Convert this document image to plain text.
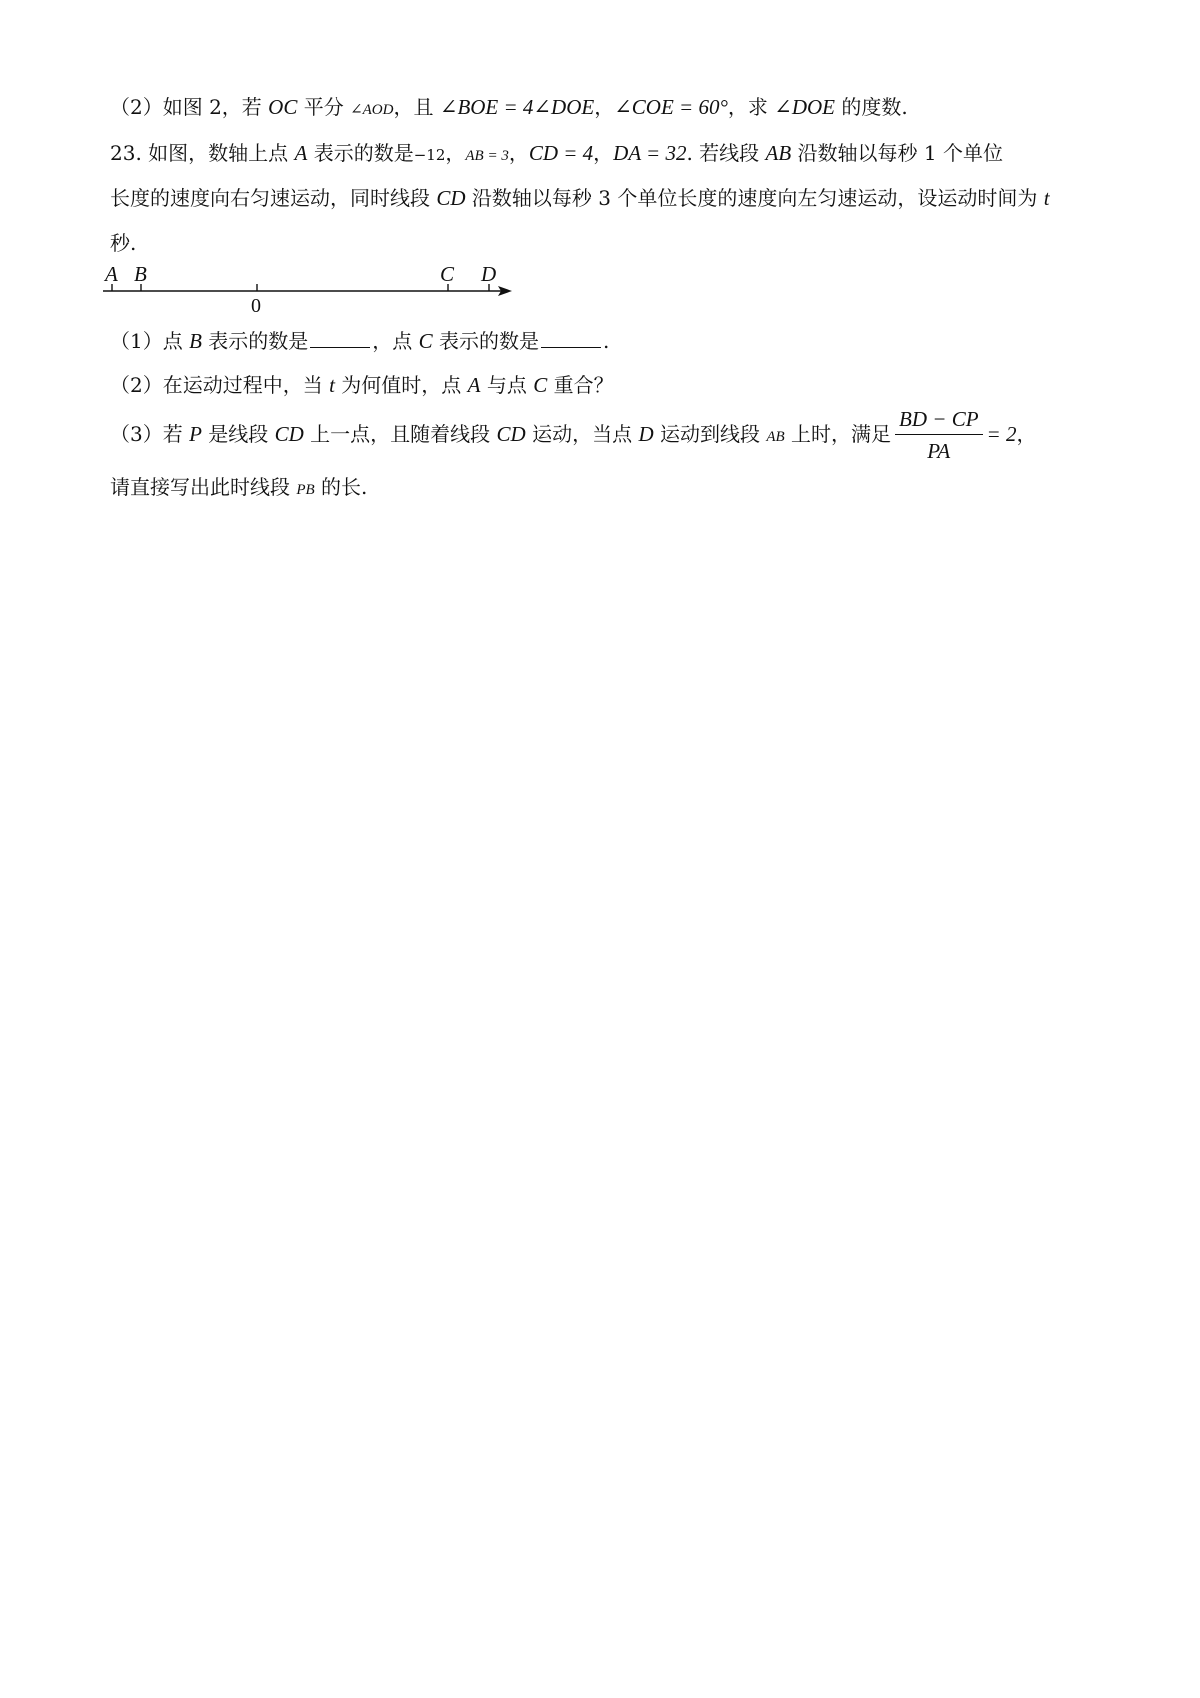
（2）如图 2，若 OC 平分 ∠AOD，且 ∠BOE = 4∠DOE，∠COE = 60°，求 ∠DOE 的度数.
23. 如图，数轴上点 A 表示的数是−12，AB = 3，CD = 4，DA = 32. 若线段 AB 沿数轴以每秒 1 个单位
长度的速度向右匀速运动，同时线段 CD 沿数轴以每秒 3 个单位长度的速度向左匀速运动，设运动时间为 t
秒.
A B	C D
0
（1）点 B 表示的数是	，点 C 表示的数是	.
（2）在运动过程中，当 t 为何值时，点 A 与点 C 重合？
（3）若 P 是线段 CD 上一点，且随着线段 CD 运动，当点 D 运动到线段 AB 上时，满足 $\frac{BD - CP}{PA} = 2$，
请直接写出此时线段 PB 的长.
